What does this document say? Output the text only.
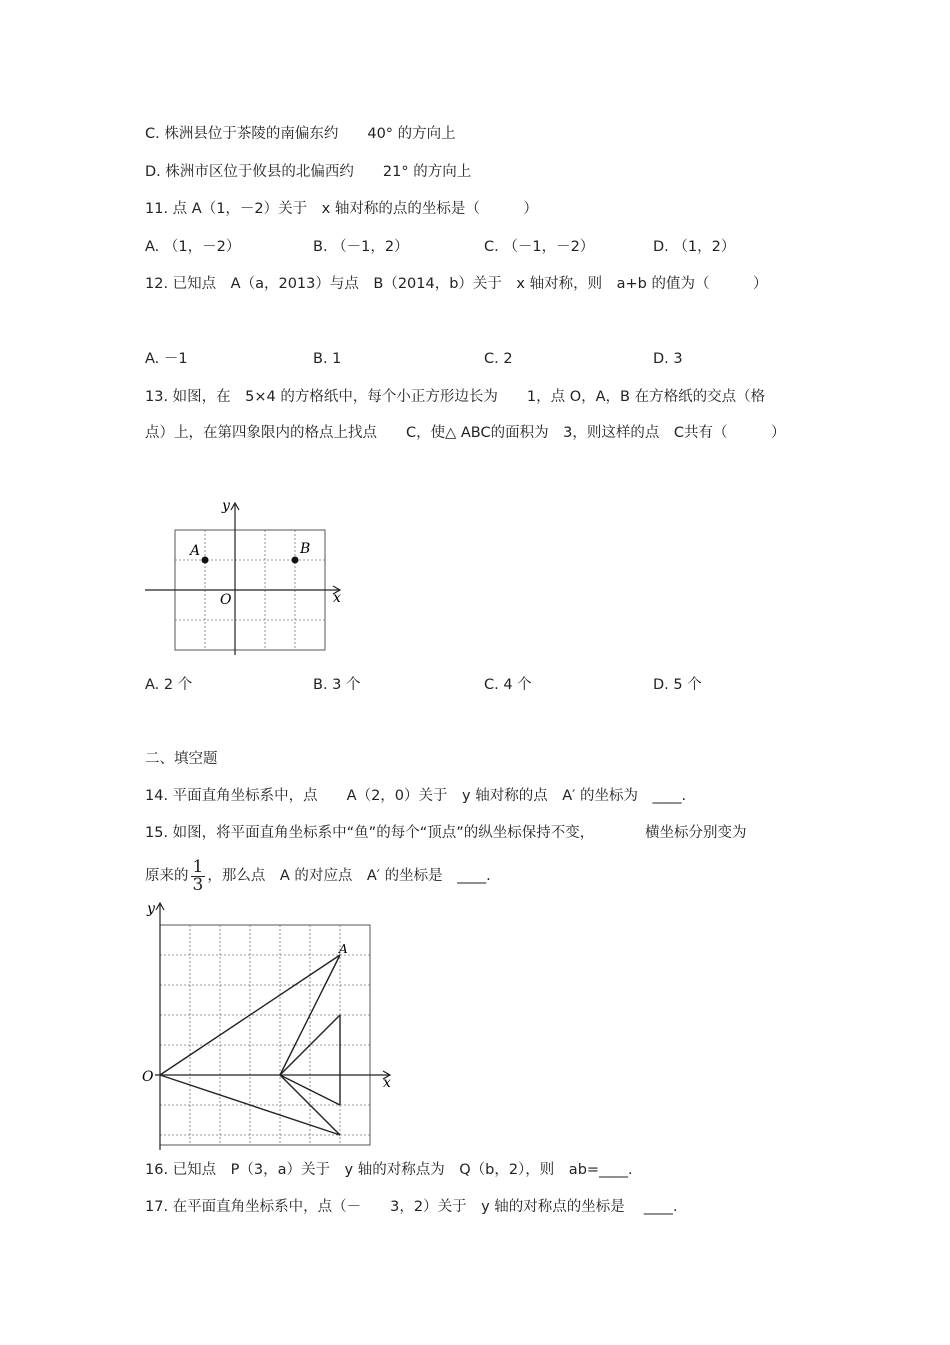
C. 株洲县位于茶陵的南偏东约　　40° 的方向上
D. 株洲市区位于攸县的北偏西约　　21° 的方向上
11. 点 A（1，－2）关于　x 轴对称的点的坐标是（　　　）
A. （1，－2）	B. （－1，2）	C. （－1，－2）	D. （1，2）
12. 已知点　A（a，2013）与点　B（2014，b）关于　x 轴对称，则　a+b 的值为（　　　）
A. －1	B. 1	C. 2	D. 3
13. 如图，在　5×4 的方格纸中，每个小正方形边长为　　1，点 O，A，B 在方格纸的交点（格
点）上，在第四象限内的格点上找点　　C，使△ ABC的面积为　3，则这样的点　C共有（　　　）
A	B
O	x
y
A. 2 个	B. 3 个	C. 4 个	D. 5 个
二、填空题
14. 平面直角坐标系中，点　　A（2，0）关于　y 轴对称的点　A′ 的坐标为　____.
15. 如图，将平面直角坐标系中“鱼”的每个“顶点”的纵坐标保持不变，　　　　横坐标分别变为
原来的 $\frac{1}{3}$ ，那么点　A 的对应点　A′ 的坐标是　____.
A
O	x
y
16. 已知点　P（3，a）关于　y 轴的对称点为　Q（b，2），则　ab=____.
17. 在平面直角坐标系中，点（－　　3，2）关于　y 轴的对称点的坐标是　 ____.
